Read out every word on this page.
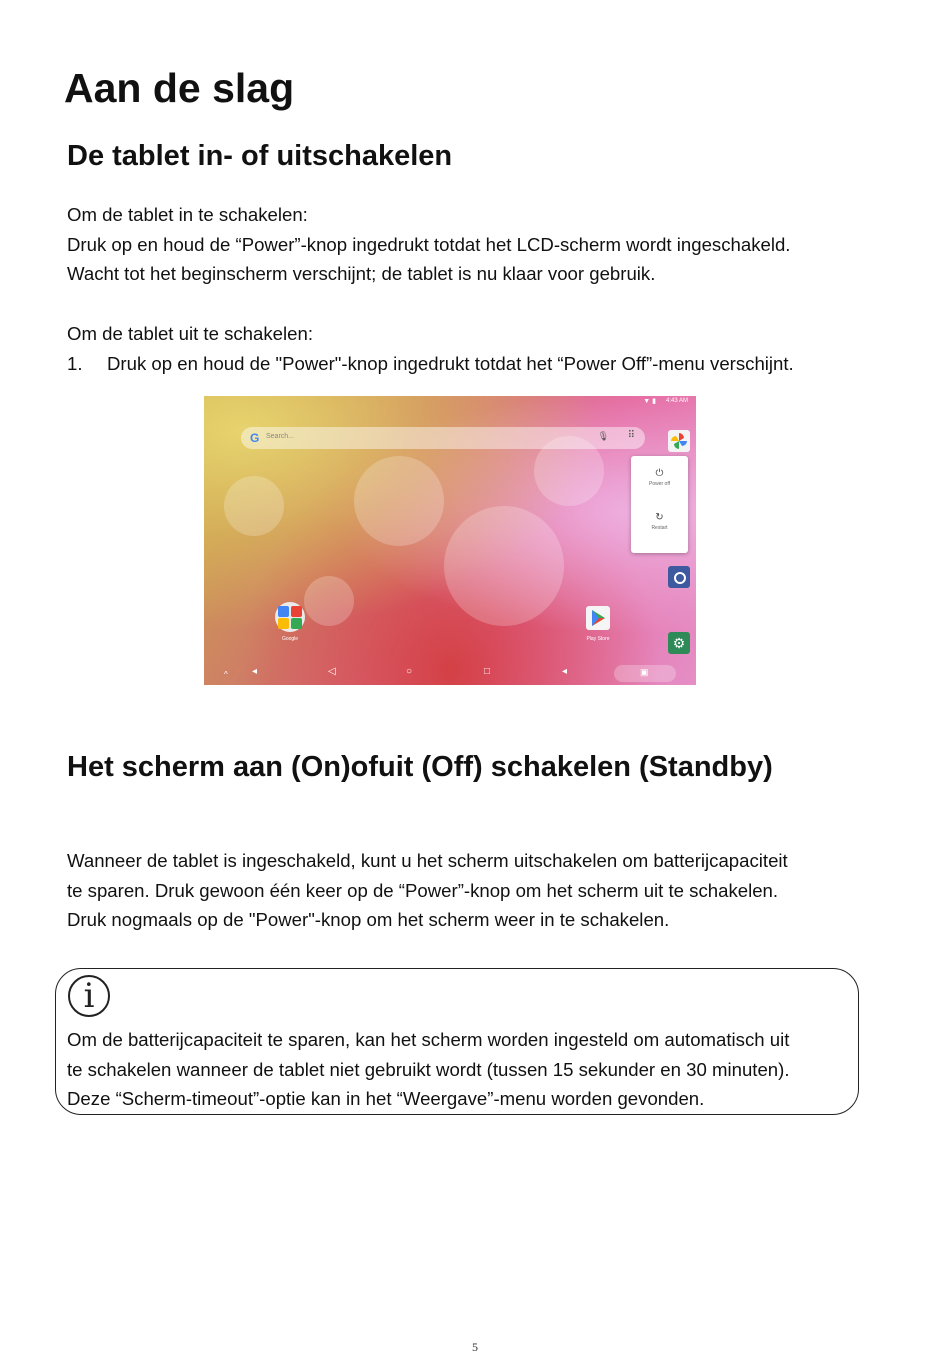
Aan de slag
De tablet in- of uitschakelen
Om de tablet in te schakelen:
Druk op en houd de “Power”-knop ingedrukt totdat het LCD-scherm wordt ingeschakeld.
Wacht tot het beginscherm verschijnt; de tablet is nu klaar voor gebruik.
Om de tablet uit te schakelen:
1. Druk op en houd de "Power"-knop ingedrukt totdat het “Power Off”-menu verschijnt.
▼ ▮ 4:43 AM
G Search...	🎙 ⠿
⏻
Power off
↻
Restart
⚙
Google	Play Store
^ ◂	◁	○	□	◂	▣
Het scherm aan (On)ofuit (Off) schakelen (Standby)
Wanneer de tablet is ingeschakeld, kunt u het scherm uitschakelen om batterijcapaciteit
te sparen. Druk gewoon één keer op de “Power”-knop om het scherm uit te schakelen.
Druk nogmaals op de "Power"-knop om het scherm weer in te schakelen.
i
Om de batterijcapaciteit te sparen, kan het scherm worden ingesteld om automatisch uit
te schakelen wanneer de tablet niet gebruikt wordt (tussen 15 sekunder en 30 minuten).
Deze “Scherm-timeout”-optie kan in het “Weergave”-menu worden gevonden.
5
